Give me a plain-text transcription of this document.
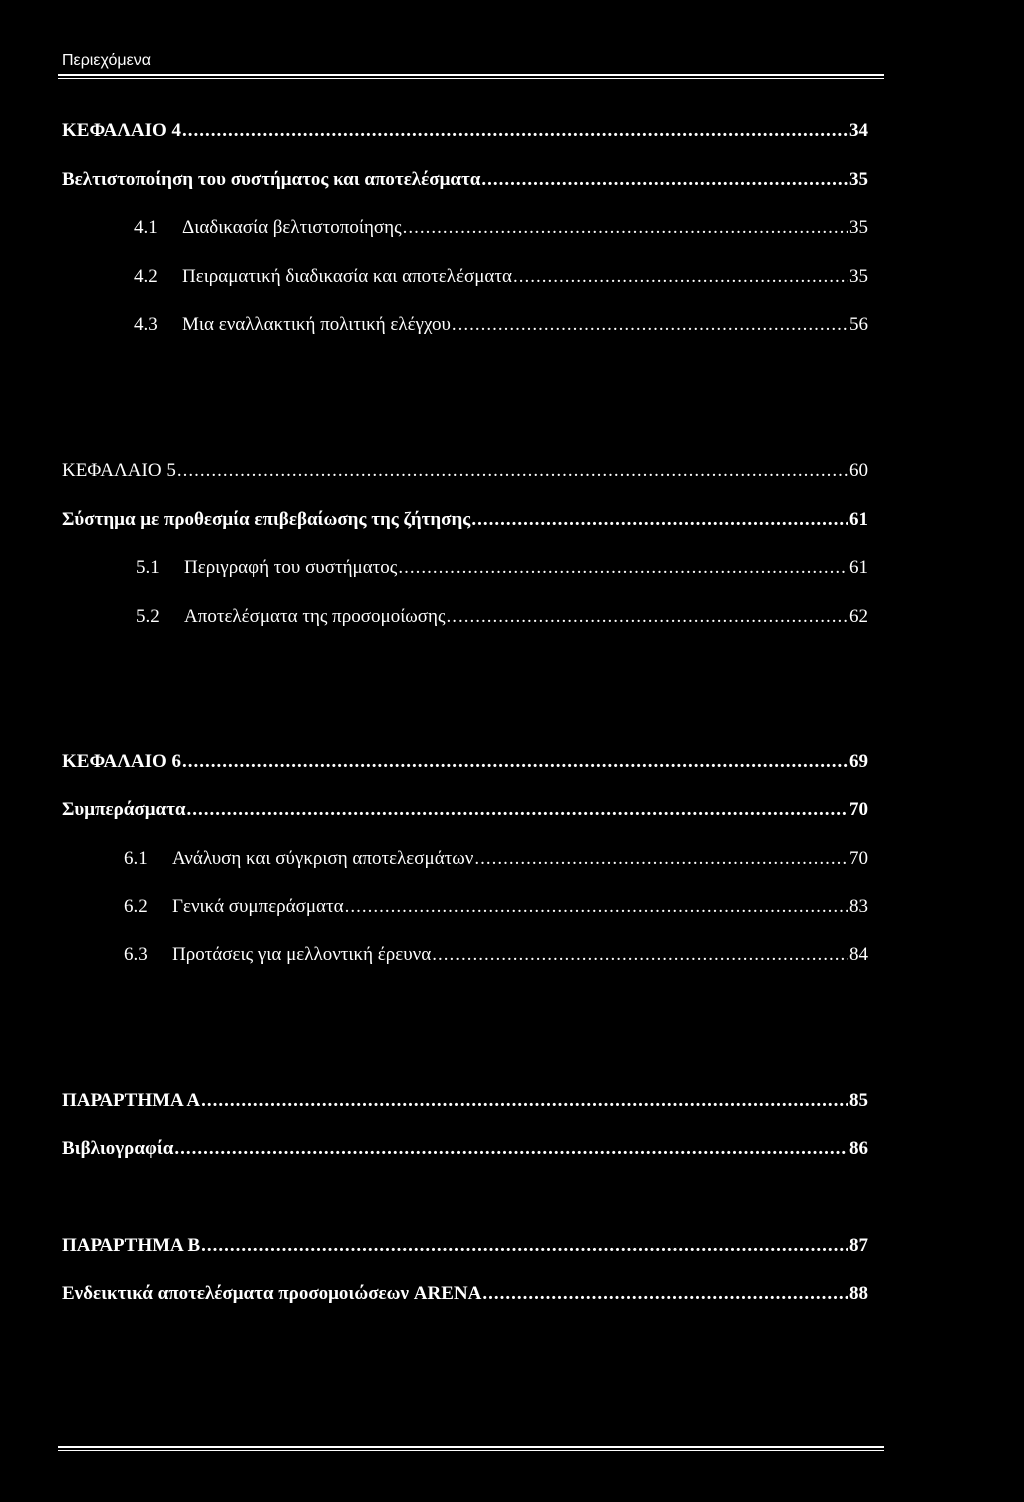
Περιεχόμενα
ΚΕΦΑΛΑΙΟ 4 .....	34
Βελτιστοποίηση του συστήματος και αποτελέσματα .....	35
4.1	Διαδικασία βελτιστοποίησης .....	35
4.2	Πειραματική διαδικασία και αποτελέσματα .....	35
4.3	Μια εναλλακτική πολιτική ελέγχου .....	56
ΚΕΦΑΛΑΙΟ 5 .....	60
Σύστημα με προθεσμία επιβεβαίωσης της ζήτησης .....	61
5.1	Περιγραφή του συστήματος .....	61
5.2	Αποτελέσματα της προσομοίωσης .....	62
ΚΕΦΑΛΑΙΟ 6 .....	69
Συμπεράσματα .....	70
6.1	Ανάλυση και σύγκριση αποτελεσμάτων .....	70
6.2	Γενικά συμπεράσματα .....	83
6.3	Προτάσεις για μελλοντική έρευνα .....	84
ΠΑΡΑΡΤΗΜΑ Α .....	85
Βιβλιογραφία .....	86
ΠΑΡΑΡΤΗΜΑ Β .....	87
Ενδεικτικά αποτελέσματα προσομοιώσεων ARENA .....	88
